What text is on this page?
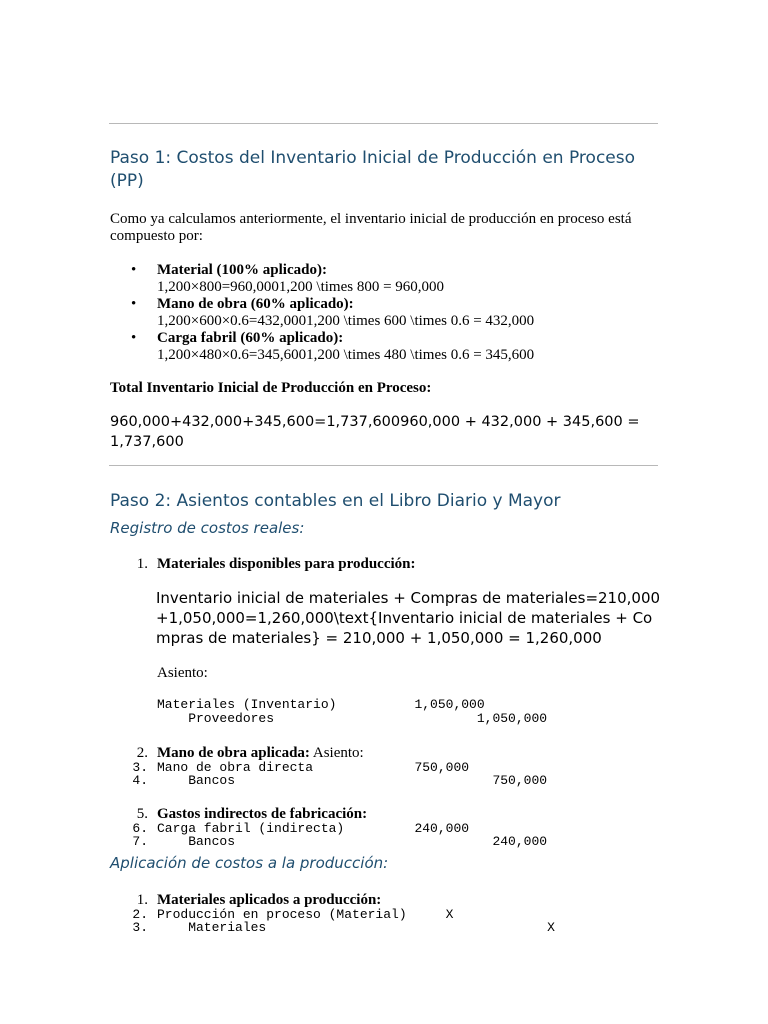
Paso 1: Costos del Inventario Inicial de Producción en Proceso (PP)
Como ya calculamos anteriormente, el inventario inicial de producción en proceso está compuesto por:
• Material (100% aplicado):
1,200×800=960,0001,200 \times 800 = 960,000
• Mano de obra (60% aplicado):
1,200×600×0.6=432,0001,200 \times 600 \times 0.6 = 432,000
• Carga fabril (60% aplicado):
1,200×480×0.6=345,6001,200 \times 480 \times 0.6 = 345,600
Total Inventario Inicial de Producción en Proceso:
960,000+432,000+345,600=1,737,600960,000 + 432,000 + 345,600 = 1,737,600
Paso 2: Asientos contables en el Libro Diario y Mayor
Registro de costos reales:
1. Materiales disponibles para producción:
Inventario inicial de materiales + Compras de materiales=210,000+1,050,000=1,260,000\text{Inventario inicial de materiales + Compras de materiales} = 210,000 + 1,050,000 = 1,260,000
Asiento:
Materiales (Inventario)          1,050,000
Proveedores                          1,050,000
2. Mano de obra aplicada: Asiento:
3. Mano de obra directa             750,000
4. Bancos                                 750,000
5. Gastos indirectos de fabricación:
6. Carga fabril (indirecta)         240,000
7. Bancos                                 240,000
Aplicación de costos a la producción:
1. Materiales aplicados a producción:
2. Producción en proceso (Material)     X
3. Materiales                                    X
